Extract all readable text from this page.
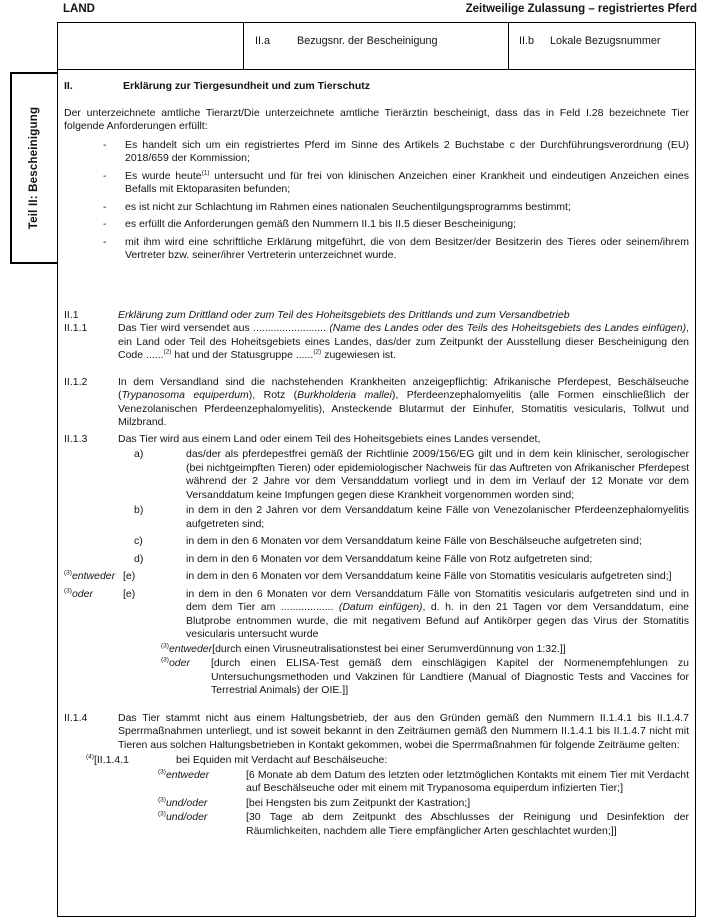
LAND	Zeitweilige Zulassung – registriertes Pferd
Teil II: Bescheinigung
II.a	Bezugsnr. der Bescheinigung	II.b Lokale Bezugsnummer
II.	Erklärung zur Tiergesundheit und zum Tierschutz

Der unterzeichnete amtliche Tierarzt/Die unterzeichnete amtliche Tierärztin bescheinigt, dass das in Feld I.28 bezeichnete Tier folgende Anforderungen erfüllt:

-	Es handelt sich um ein registriertes Pferd im Sinne des Artikels 2 Buchstabe c der Durchführungsverordnung (EU) 2018/659 der Kommission;
-	Es wurde heute$^{(1)}$ untersucht und für frei von klinischen Anzeichen einer Krankheit und eindeutigen Anzeichen eines Befalls mit Ektoparasiten befunden;
-	es ist nicht zur Schlachtung im Rahmen eines nationalen Seuchentilgungsprogramms bestimmt;
-	es erfüllt die Anforderungen gemäß den Nummern II.1 bis II.5 dieser Bescheinigung;
-	mit ihm wird eine schriftliche Erklärung mitgeführt, die von dem Besitzer/der Besitzerin des Tieres oder seinem/ihrem Vertreter bzw. seiner/ihrer Vertreterin unterzeichnet wurde.
II.1	Erklärung zum Drittland oder zum Teil des Hoheitsgebiets des Drittlands und zum Versandbetrieb
II.1.1	Das Tier wird versendet aus ......................... (Name des Landes oder des Teils des Hoheitsgebiets des Landes einfügen), ein Land oder Teil des Hoheitsgebiets eines Landes, das/der zum Zeitpunkt der Ausstellung dieser Bescheinigung den Code ......$^{(2)}$ hat und der Statusgruppe ......$^{(2)}$ zugewiesen ist.
II.1.2	In dem Versandland sind die nachstehenden Krankheiten anzeigepflichtig: Afrikanische Pferdepest, Beschälseuche (Trypanosoma equiperdum), Rotz (Burkholderia mallei), Pferdeenzephalomyelitis (alle Formen einschließlich der Venezolanischen Pferdeenzephalomyelitis), Ansteckende Blutarmut der Einhufer, Stomatitis vesicularis, Tollwut und Milzbrand.
II.1.3	Das Tier wird aus einem Land oder einem Teil des Hoheitsgebiets eines Landes versendet,
a)	das/der als pferdepestfrei gemäß der Richtlinie 2009/156/EG gilt und in dem kein klinischer, serologischer (bei nichtgeimpften Tieren) oder epidemiologischer Nachweis für das Auftreten von Afrikanischer Pferdepest während der 2 Jahre vor dem Versanddatum vorliegt und in dem im Verlauf der 12 Monate vor dem Versanddatum keine Impfungen gegen diese Krankheit vorgenommen worden sind;
b)	in dem in den 2 Jahren vor dem Versanddatum keine Fälle von Venezolanischer Pferdeenzephalomyelitis aufgetreten sind;
c)	in dem in den 6 Monaten vor dem Versanddatum keine Fälle von Beschälseuche aufgetreten sind;
d)	in dem in den 6 Monaten vor dem Versanddatum keine Fälle von Rotz aufgetreten sind;
$^{(3)}$entweder [e)	in dem in den 6 Monaten vor dem Versanddatum keine Fälle von Stomatitis vesicularis aufgetreten sind;]
$^{(3)}$oder	[e)	in dem in den 6 Monaten vor dem Versanddatum Fälle von Stomatitis vesicularis aufgetreten sind und in dem dem Tier am .................. (Datum einfügen), d. h. in den 21 Tagen vor dem Versanddatum, eine Blutprobe entnommen wurde, die mit negativem Befund auf Antikörper gegen das Virus der Stomatitis vesicularis untersucht wurde
$^{(3)}$entweder [durch einen Virusneutralisationstest bei einer Serumverdünnung von 1:32.]]
$^{(3)}$oder	[durch einen ELISA-Test gemäß dem einschlägigen Kapitel der Normenempfehlungen zu Untersuchungsmethoden und Vakzinen für Landtiere (Manual of Diagnostic Tests and Vaccines for Terrestrial Animals) der OIE.]]
II.1.4	Das Tier stammt nicht aus einem Haltungsbetrieb, der aus den Gründen gemäß den Nummern II.1.4.1 bis II.1.4.7 Sperrmaßnahmen unterliegt, und ist soweit bekannt in den Zeiträumen gemäß den Nummern II.1.4.1 bis II.1.4.7 nicht mit Tieren aus solchen Haltungsbetrieben in Kontakt gekommen, wobei die Sperrmaßnahmen für folgende Zeiträume gelten:
$^{(4)}$[II.1.4.1	bei Equiden mit Verdacht auf Beschälseuche:
$^{(3)}$entweder	[6 Monate ab dem Datum des letzten oder letztmöglichen Kontakts mit einem Tier mit Verdacht auf Beschälseuche oder mit einem mit Trypanosoma equiperdum infizierten Tier;]
$^{(3)}$und/oder	[bei Hengsten bis zum Zeitpunkt der Kastration;]
$^{(3)}$und/oder	[30 Tage ab dem Zeitpunkt des Abschlusses der Reinigung und Desinfektion der Räumlichkeiten, nachdem alle Tiere empfänglicher Arten geschlachtet wurden;]]
